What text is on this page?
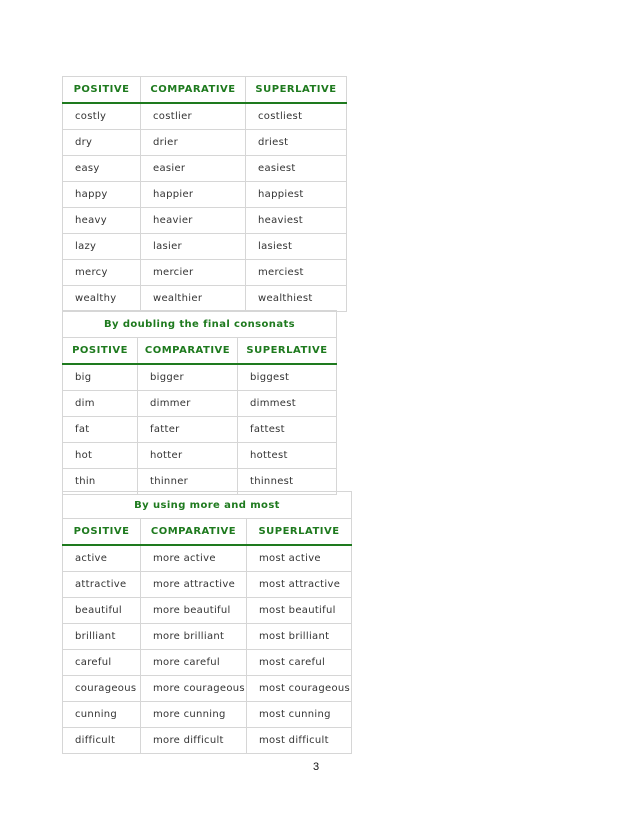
POSITIVE	COMPARATIVE	SUPERLATIVE
costly	costlier	costliest
dry	drier	driest
easy	easier	easiest
happy	happier	happiest
heavy	heavier	heaviest
lazy	lasier	lasiest
mercy	mercier	merciest
wealthy	wealthier	wealthiest
By doubling the final consonats		
POSITIVE	COMPARATIVE	SUPERLATIVE
big	bigger	biggest
dim	dimmer	dimmest
fat	fatter	fattest
hot	hotter	hottest
thin	thinner	thinnest
By using more and most		
POSITIVE	COMPARATIVE	SUPERLATIVE
active	more active	most active
attractive	more attractive	most attractive
beautiful	more beautiful	most beautiful
brilliant	more brilliant	most brilliant
careful	more careful	most careful
courageous	more courageous	most courageous
cunning	more cunning	most cunning
difficult	more difficult	most difficult
3
